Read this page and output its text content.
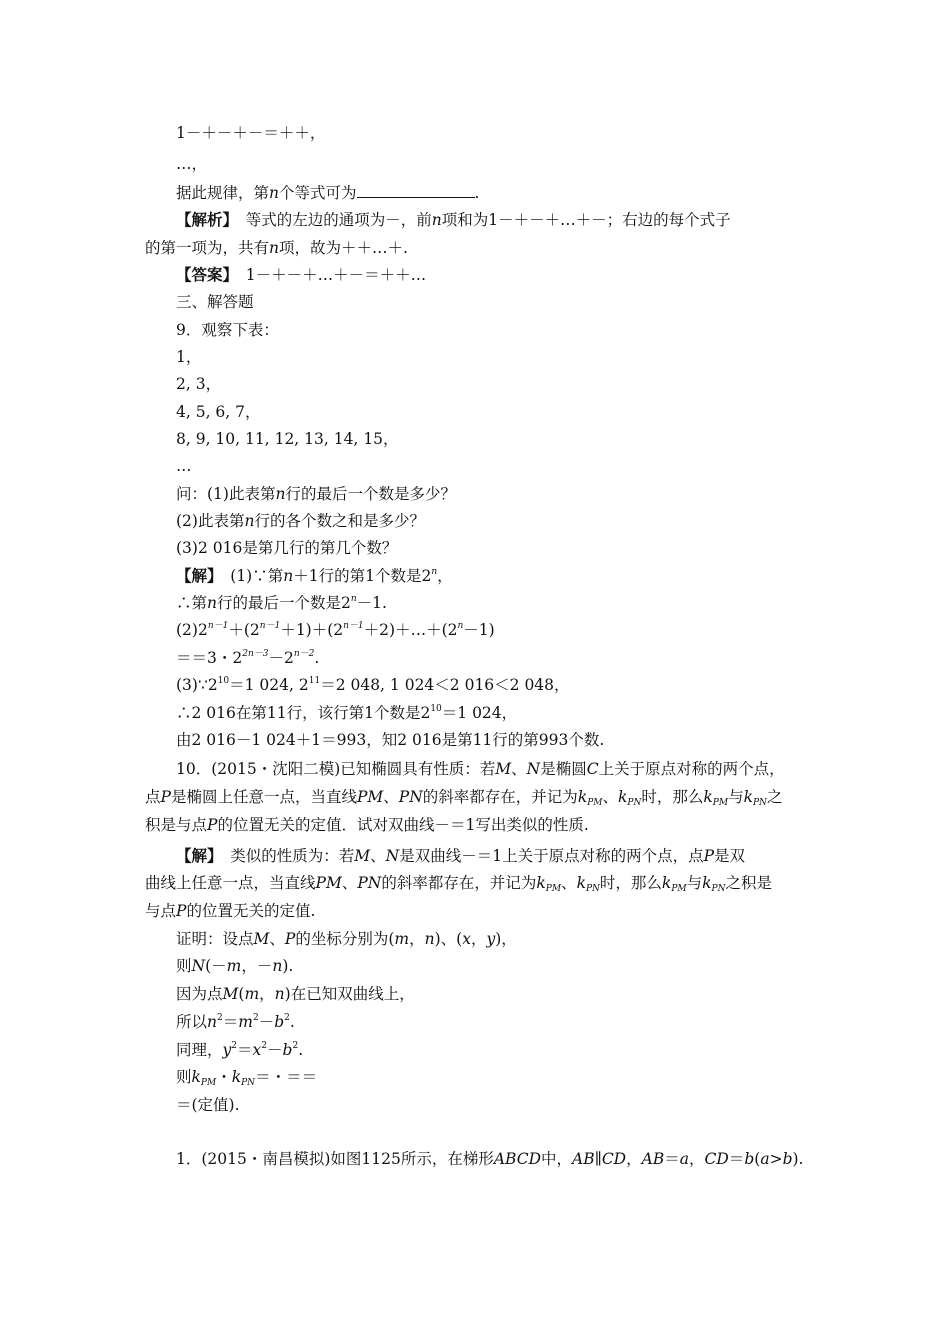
1－＋－＋－＝＋＋，
…，
据此规律，第n个等式可为	.
【解析】　等式的左边的通项为－，前n项和为1－＋－＋…＋－；右边的每个式子
的第一项为，共有n项，故为＋＋…＋.
【答案】　1－＋－＋…＋－＝＋＋…
三、解答题
9．观察下表：
1，
2, 3，
4, 5, 6, 7，
8, 9, 10, 11, 12, 13, 14, 15，
…
问：(1)此表第n行的最后一个数是多少？
(2)此表第n行的各个数之和是多少？
(3)2 016是第几行的第几个数？
【解】　(1)∵第n＋1行的第1个数是2$^n$，
∴第n行的最后一个数是$2^n-1$.
$(2)2^{n-1}+(2^{n-1}+1)+(2^{n-1}+2)+\dots+(2^n-1)$
＝＝3・$2^{2n-3}-2^{n-2}$.
$(3)\because 2^{10}=1$ 024, $2^{11}=2$ 048, 1 024＜2 016＜2 048，
∴2 016在第11行，该行第1个数是$2^{10}=1$ 024，
由2 016－1 024＋1＝993，知2 016是第11行的第993个数.
10．(2015・沈阳二模)已知椭圆具有性质：若M、N是椭圆C上关于原点对称的两个点，
点P是椭圆上任意一点，当直线PM、PN的斜率都存在，并记为$k_{PM}$、$k_{PN}$时，那么$k_{PM}$与$k_{PN}$之
积是与点P的位置无关的定值．试对双曲线－＝1写出类似的性质.
【解】　类似的性质为：若M、N是双曲线－＝1上关于原点对称的两个点，点P是双
曲线上任意一点，当直线PM、PN的斜率都存在，并记为$k_{PM}$、$k_{PN}$时，那么$k_{PM}$与$k_{PN}$之积是
与点P的位置无关的定值.
证明：设点M、P的坐标分别为(m，n)、(x，y)，
则N(－m，－n).
因为点M(m，n)在已知双曲线上，
所以$n^2=m^2-b^2$.
同理，$y^2=x^2-b^2$.
则$k_{PM}$・$k_{PN}=$・＝＝
＝(定值).
1．(2015・南昌模拟)如图1125所示，在梯形ABCD中，AB∥CD，AB＝a，CD＝b(a>b).
